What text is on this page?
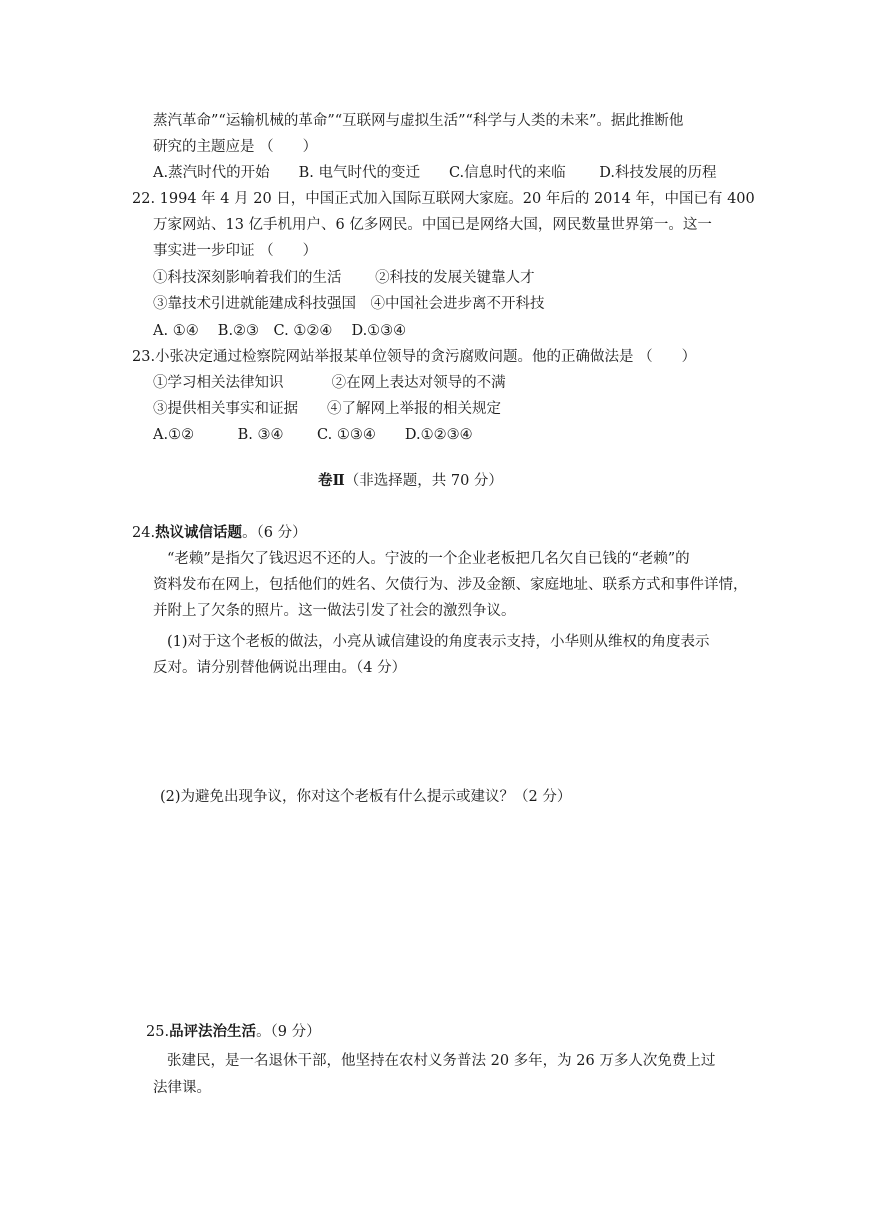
蒸汽革命”“运输机械的革命”“互联网与虚拟生活”“科学与人类的未来”。据此推断他
研究的主题应是 （　　）
A.蒸汽时代的开始　　B. 电气时代的变迁　　C.信息时代的来临　　 D.科技发展的历程
22. 1994 年 4 月 20 日，中国正式加入国际互联网大家庭。20 年后的 2014 年，中国已有 400
万家网站、13 亿手机用户、6 亿多网民。中国已是网络大国，网民数量世界第一。这一
事实进一步印证 （　　）
①科技深刻影响着我们的生活　　 ②科技的发展关键靠人才
③靠技术引进就能建成科技强国　④中国社会进步离不开科技
A. ①④　 B.②③　C. ①②④　 D.①③④
23.小张决定通过检察院网站举报某单位领导的贪污腐败问题。他的正确做法是 （　　）
①学习相关法律知识　　　 ②在网上表达对领导的不满
③提供相关事实和证据　　④了解网上举报的相关规定
A.①②　　　B. ③④　　 C. ①③④　　D.①②③④
卷Ⅱ（非选择题，共 70 分）
24.热议诚信话题。（6 分）
“老赖”是指欠了钱迟迟不还的人。宁波的一个企业老板把几名欠自已钱的“老赖”的
资料发布在网上，包括他们的姓名、欠债行为、涉及金额、家庭地址、联系方式和事件详情，
并附上了欠条的照片。这一做法引发了社会的激烈争议。
(1)对于这个老板的做法，小亮从诚信建设的角度表示支持，小华则从维权的角度表示
反对。请分别替他俩说出理由。（4 分）
(2)为避免出现争议，你对这个老板有什么提示或建议？（2 分）
25.品评法治生活。（9 分）
张建民，是一名退休干部，他坚持在农村义务普法 20 多年，为 26 万多人次免费上过
法律课。
